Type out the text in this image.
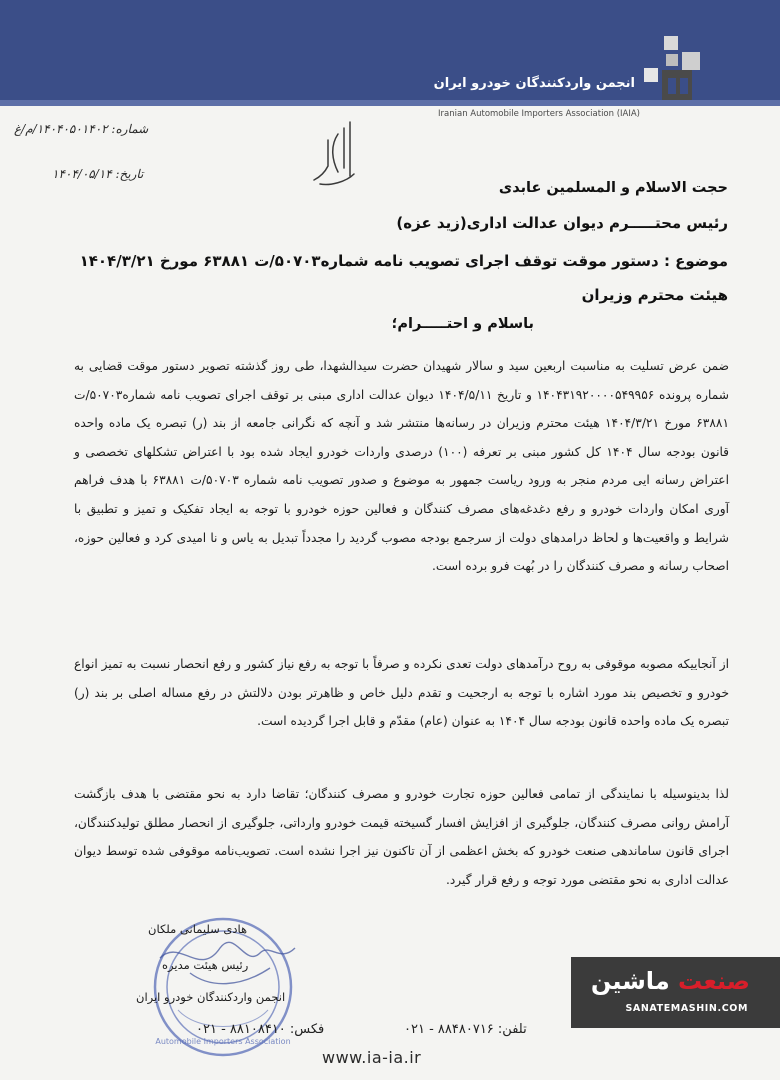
انجمن واردکنندگان خودرو ایران
Iranian Automobile Importers Association (IAIA)
شماره: ۱۴۰۴۰۵۰۱۴۰۲/م/غ
تاریخ: ۱۴۰۴/۰۵/۱۴
حجت الاسلام و المسلمین عابدی
رئیس محتـــــرم دیوان عدالت اداری(زید عزه)
موضوع : دستور موقت توقف اجرای تصویب نامه شماره۵۰۷۰۳/ت ۶۳۸۸۱ مورخ ۱۴۰۴/۳/۲۱ هیئت محترم وزیران
باسلام و احتـــــرام؛
ضمن عرض تسلیت به مناسبت اربعین سید و سالار شهیدان حضرت سیدالشهدا، طی روز گذشته تصویر دستور موقت قضایی به شماره پرونده ۱۴۰۴۳۱۹۲۰۰۰۰۵۴۹۹۵۶ و تاریخ ۱۴۰۴/۵/۱۱ دیوان عدالت اداری مبنی بر توقف اجرای تصویب نامه شماره۵۰۷۰۳/ت ۶۳۸۸۱ مورخ ۱۴۰۴/۳/۲۱ هیئت محترم وزیران در رسانه‌ها منتشر شد و آنچه که نگرانی جامعه از بند (ر) تبصره یک ماده واحده قانون بودجه سال ۱۴۰۴ کل کشور مبنی بر تعرفه (۱۰۰) درصدی واردات خودرو ایجاد شده بود با اعتراض تشکلهای تخصصی و اعتراض رسانه ایی مردم منجر به ورود ریاست جمهور به موضوع و صدور تصویب نامه شماره ۵۰۷۰۳/ت ۶۳۸۸۱ با هدف فراهم آوری امکان واردات خودرو و رفع دغدغه‌های مصرف کنندگان و فعالین حوزه خودرو با توجه به ایجاد تفکیک و تمیز و تطبیق با شرایط و واقعیت‌ها و لحاظ درامدهای دولت از سرجمع بودجه مصوب گردید را مجدداً تبدیل به یاس و نا امیدی کرد و فعالین حوزه، اصحاب رسانه و مصرف کنندگان را در بُهت فرو برده است.
از آنجاییکه مصوبه موقوفی به روح درآمدهای دولت تعدی نکرده و صرفاً با توجه به رفع نیاز کشور و رفع انحصار نسبت به تمیز انواع خودرو و تخصیص بند مورد اشاره با توجه به ارجحیت و تقدم دلیل خاص و ظاهرتر بودن دلالتش در رفع مساله اصلی بر بند (ر) تبصره یک ماده واحده قانون بودجه سال ۱۴۰۴ به عنوان (عام) مقدّم و قابل اجرا گردیده است.
لذا بدینوسیله با نمایندگی از تمامی فعالین حوزه تجارت خودرو و مصرف کنندگان؛ تقاضا دارد به نحو مقتضی با هدف بازگشت آرامش روانی مصرف کنندگان، جلوگیری از افزایش افسار گسیخته قیمت خودرو وارداتی، جلوگیری از انحصار مطلق تولیدکنندگان، اجرای قانون ساماندهی صنعت خودرو که بخش اعظمی از آن تاکنون نیز اجرا نشده است. تصویب‌نامه موقوفی شده توسط دیوان عدالت اداری به نحو مقتضی مورد توجه و رفع قرار گیرد.
Automobile Importers Association
هادی سلیمانی ملکان
رئیس هیئت مدیره
انجمن واردکنندگان خودرو ایران
تلفن: ۸۸۴۸۰۷۱۶ - ۰۲۱
فکس: ۸۸۱۰۸۴۱۰ - ۰۲۱
www.ia-ia.ir
صنعت ماشین
SANATEMASHIN.COM
